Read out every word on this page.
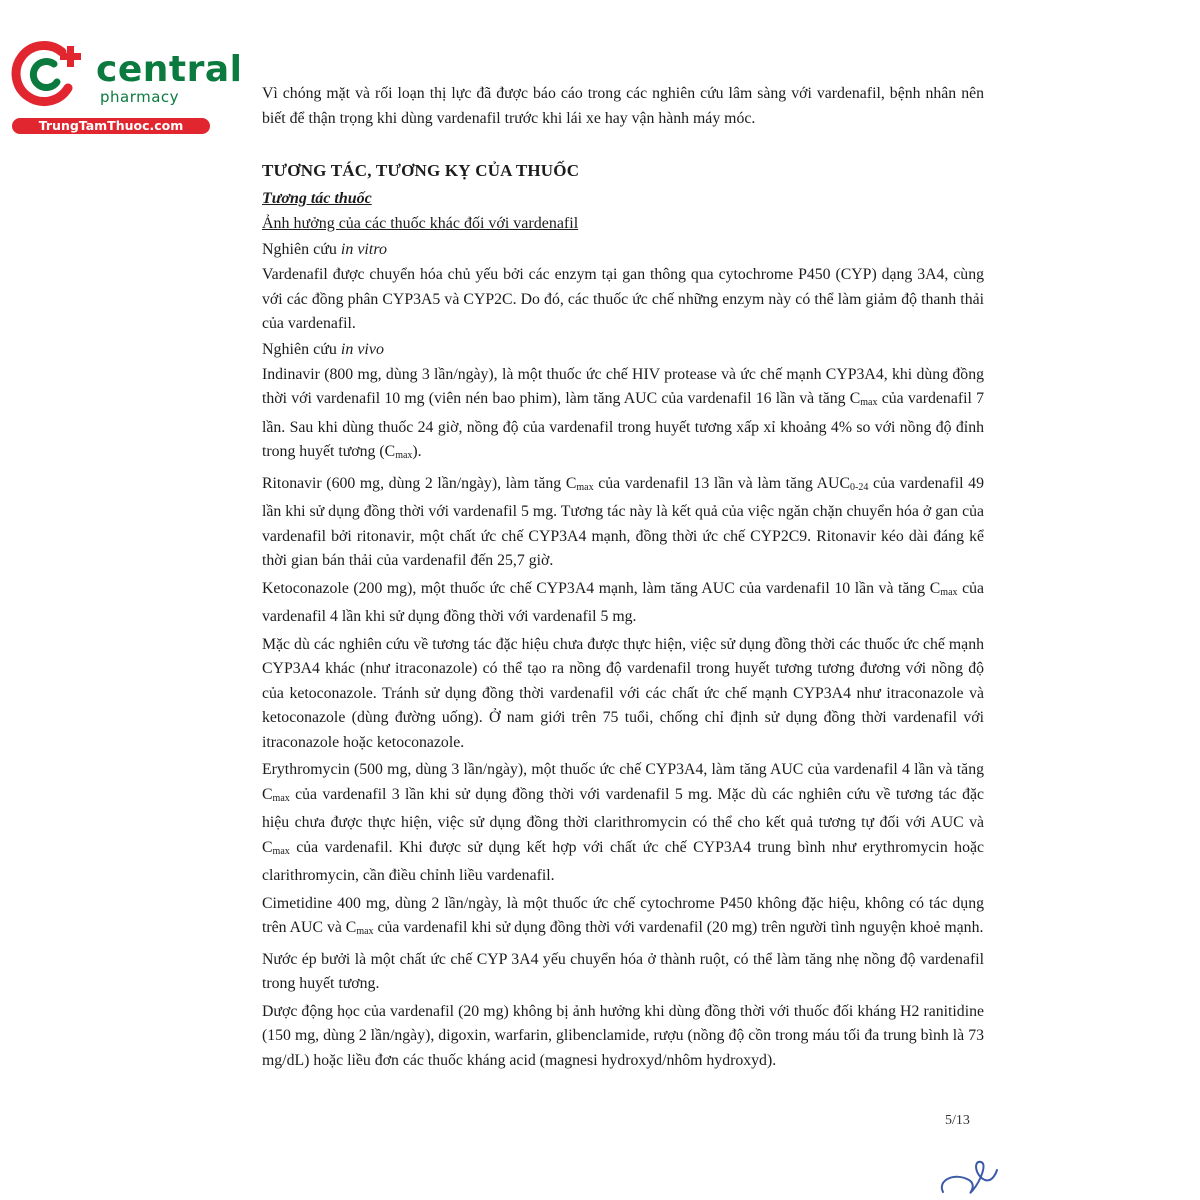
central
pharmacy
TrungTamThuoc.com

Vì chóng mặt và rối loạn thị lực đã được báo cáo trong các nghiên cứu lâm sàng với vardenafil, bệnh nhân nên biết để thận trọng khi dùng vardenafil trước khi lái xe hay vận hành máy móc.

TƯƠNG TÁC, TƯƠNG KỴ CỦA THUỐC
Tương tác thuốc
Ảnh hưởng của các thuốc khác đối với vardenafil
Nghiên cứu in vitro

Vardenafil được chuyển hóa chủ yếu bởi các enzym tại gan thông qua cytochrome P450 (CYP) dạng 3A4, cùng với các đồng phân CYP3A5 và CYP2C. Do đó, các thuốc ức chế những enzym này có thể làm giảm độ thanh thải của vardenafil.

Nghiên cứu in vivo

Indinavir (800 mg, dùng 3 lần/ngày), là một thuốc ức chế HIV protease và ức chế mạnh CYP3A4, khi dùng đồng thời với vardenafil 10 mg (viên nén bao phim), làm tăng AUC của vardenafil 16 lần và tăng $C_{max}$ của vardenafil 7 lần. Sau khi dùng thuốc 24 giờ, nồng độ của vardenafil trong huyết tương xấp xỉ khoảng 4% so với nồng độ đỉnh trong huyết tương $(C_{max})$.

Ritonavir (600 mg, dùng 2 lần/ngày), làm tăng $C_{max}$ của vardenafil 13 lần và làm tăng $AUC_{0-24}$ của vardenafil 49 lần khi sử dụng đồng thời với vardenafil 5 mg. Tương tác này là kết quả của việc ngăn chặn chuyển hóa ở gan của vardenafil bởi ritonavir, một chất ức chế CYP3A4 mạnh, đồng thời ức chế CYP2C9. Ritonavir kéo dài đáng kể thời gian bán thải của vardenafil đến 25,7 giờ.

Ketoconazole (200 mg), một thuốc ức chế CYP3A4 mạnh, làm tăng AUC của vardenafil 10 lần và tăng $C_{max}$ của vardenafil 4 lần khi sử dụng đồng thời với vardenafil 5 mg.

Mặc dù các nghiên cứu về tương tác đặc hiệu chưa được thực hiện, việc sử dụng đồng thời các thuốc ức chế mạnh CYP3A4 khác (như itraconazole) có thể tạo ra nồng độ vardenafil trong huyết tương tương đương với nồng độ của ketoconazole. Tránh sử dụng đồng thời vardenafil với các chất ức chế mạnh CYP3A4 như itraconazole và ketoconazole (dùng đường uống). Ở nam giới trên 75 tuổi, chống chỉ định sử dụng đồng thời vardenafil với itraconazole hoặc ketoconazole.

Erythromycin (500 mg, dùng 3 lần/ngày), một thuốc ức chế CYP3A4, làm tăng AUC của vardenafil 4 lần và tăng $C_{max}$ của vardenafil 3 lần khi sử dụng đồng thời với vardenafil 5 mg. Mặc dù các nghiên cứu về tương tác đặc hiệu chưa được thực hiện, việc sử dụng đồng thời clarithromycin có thể cho kết quả tương tự đối với AUC và $C_{max}$ của vardenafil. Khi được sử dụng kết hợp với chất ức chế CYP3A4 trung bình như erythromycin hoặc clarithromycin, cần điều chỉnh liều vardenafil.

Cimetidine 400 mg, dùng 2 lần/ngày, là một thuốc ức chế cytochrome P450 không đặc hiệu, không có tác dụng trên AUC và $C_{max}$ của vardenafil khi sử dụng đồng thời với vardenafil (20 mg) trên người tình nguyện khoẻ mạnh.

Nước ép bưởi là một chất ức chế CYP 3A4 yếu chuyển hóa ở thành ruột, có thể làm tăng nhẹ nồng độ vardenafil trong huyết tương.

Dược động học của vardenafil (20 mg) không bị ảnh hưởng khi dùng đồng thời với thuốc đối kháng H2 ranitidine (150 mg, dùng 2 lần/ngày), digoxin, warfarin, glibenclamide, rượu (nồng độ cồn trong máu tối đa trung bình là 73 mg/dL) hoặc liều đơn các thuốc kháng acid (magnesi hydroxyd/nhôm hydroxyd).

5/13
